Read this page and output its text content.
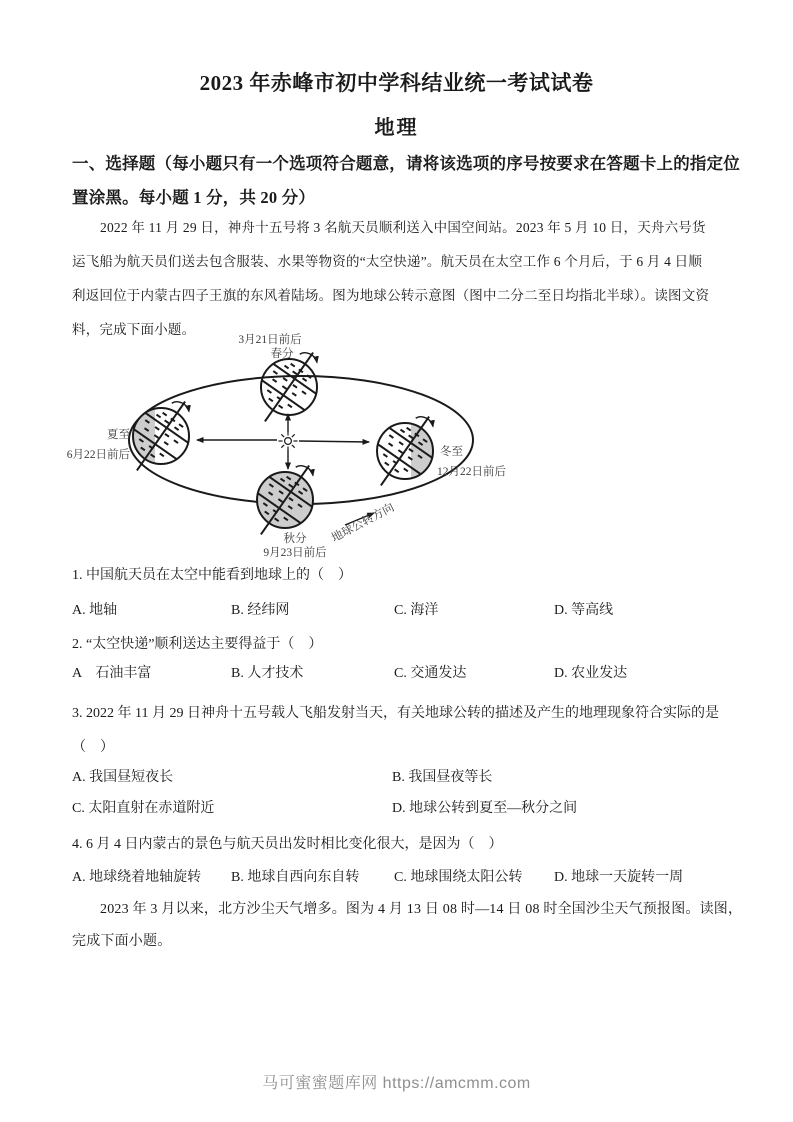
2023 年赤峰市初中学科结业统一考试试卷
地理
一、选择题（每小题只有一个选项符合题意，请将该选项的序号按要求在答题卡上的指定位
置涂黑。每小题 1 分，共 20 分）
2022 年 11 月 29 日，神舟十五号将 3 名航天员顺利送入中国空间站。2023 年 5 月 10 日，天舟六号货
运飞船为航天员们送去包含服装、水果等物资的“太空快递”。航天员在太空工作 6 个月后，于 6 月 4 日顺
利返回位于内蒙古四子王旗的东风着陆场。图为地球公转示意图（图中二分二至日均指北半球）。读图文资
料，完成下面小题。
地球公转方向
3月21日前后
春分
夏至
6月22日前后	冬至
12月22日前后
秋分
9月23日前后
1. 中国航天员在太空中能看到地球上的（　）
A. 地轴	B. 经纬网	C. 海洋	D. 等高线
2. “太空快递”顺利送达主要得益于（　）
A　石油丰富	B. 人才技术	C. 交通发达	D. 农业发达
3. 2022 年 11 月 29 日神舟十五号载人飞船发射当天，有关地球公转的描述及产生的地理现象符合实际的是
（　）
A. 我国昼短夜长	B. 我国昼夜等长
C. 太阳直射在赤道附近	D. 地球公转到夏至—秋分之间
4. 6 月 4 日内蒙古的景色与航天员出发时相比变化很大，是因为（　）
A. 地球绕着地轴旋转 B. 地球自西向东自转 C. 地球围绕太阳公转 D. 地球一天旋转一周
2023 年 3 月以来，北方沙尘天气增多。图为 4 月 13 日 08 时—14 日 08 时全国沙尘天气预报图。读图，
完成下面小题。
马可蜜蜜题库网 https://amcmm.com
